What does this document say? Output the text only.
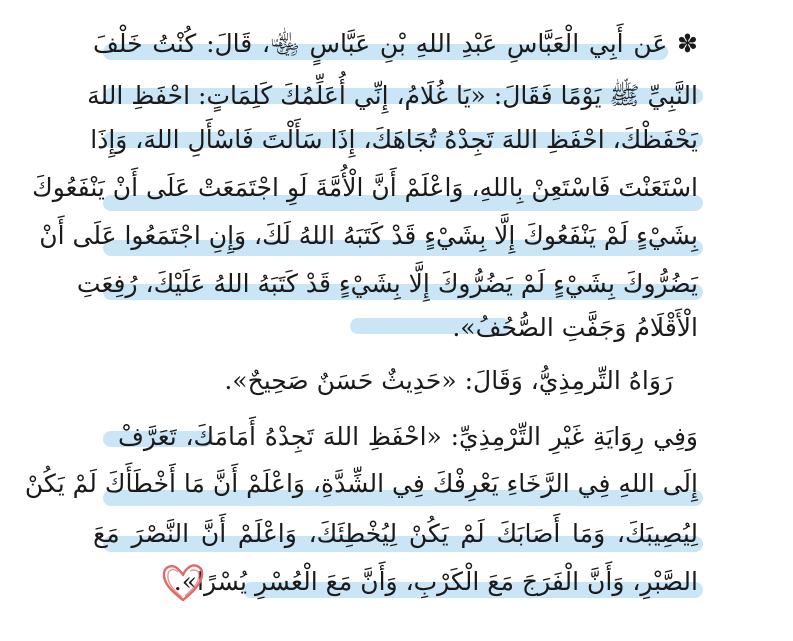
✽ عَن أَبِي الْعَبَّاسِ عَبْدِ اللهِ بْنِ عَبَّاسٍ ﵄، قَالَ: كُنْتُ خَلْفَ
النَّبِيِّ ﷺ يَوْمًا فَقَالَ: «يَا غُلَامُ، إِنِّي أُعَلِّمُكَ كَلِمَاتٍ: احْفَظِ اللهَ
يَحْفَظْكَ، احْفَظِ اللهَ تَجِدْهُ تُجَاهَكَ، إِذَا سَأَلْتَ فَاسْأَلِ اللهَ، وَإِذَا
اسْتَعَنْتَ فَاسْتَعِنْ بِاللهِ، وَاعْلَمْ أَنَّ الْأُمَّةَ لَوِ اجْتَمَعَتْ عَلَى أَنْ يَنْفَعُوكَ
بِشَيْءٍ لَمْ يَنْفَعُوكَ إِلَّا بِشَيْءٍ قَدْ كَتَبَهُ اللهُ لَكَ، وَإِنِ اجْتَمَعُوا عَلَى أَنْ
يَضُرُّوكَ بِشَيْءٍ لَمْ يَضُرُّوكَ إِلَّا بِشَيْءٍ قَدْ كَتَبَهُ اللهُ عَلَيْكَ، رُفِعَتِ
الْأَقْلَامُ وَجَفَّتِ الصُّحُفُ».
رَوَاهُ التِّرمِذِيُّ، وَقَالَ: «حَدِيثٌ حَسَنٌ صَحِيحٌ».
وَفِي رِوَايَةِ غَيْرِ التِّرْمِذِيِّ: «احْفَظِ اللهَ تَجِدْهُ أَمَامَكَ، تَعَرَّفْ
إِلَى اللهِ فِي الرَّخَاءِ يَعْرِفْكَ فِي الشِّدَّةِ، وَاعْلَمْ أَنَّ مَا أَخْطَأَكَ لَمْ يَكُنْ
لِيُصِيبَكَ، وَمَا أَصَابَكَ لَمْ يَكُنْ لِيُخْطِئَكَ، وَاعْلَمْ أَنَّ النَّصْرَ مَعَ
الصَّبْرِ، وَأَنَّ الْفَرَجَ مَعَ الْكَرْبِ، وَأَنَّ مَعَ الْعُسْرِ يُسْرًا».
